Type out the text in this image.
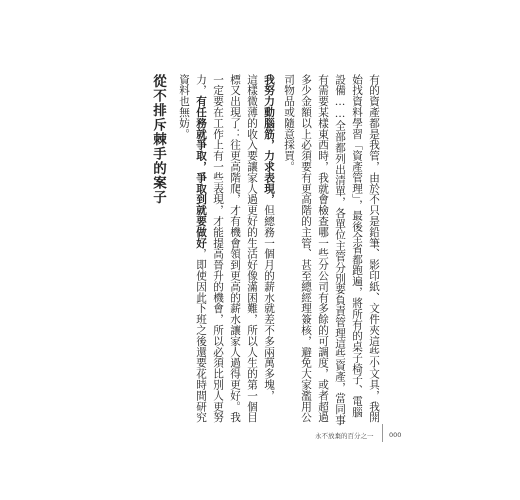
有的資產都是我管，由於不只是鉛筆、影印紙、文件夾這些小文具，我開
始找資料學習「資產管理」，最後全省都跑遍，將所有的桌子椅子、電腦
設備……全部都列出清單，各單位主管分別要負責管理這些資產，當同事
有需要某樣東西時，我就會檢查哪一些分公司有多餘的可調度，或者超過
多少金額以上必須要有更高階的主管、甚至總經理簽核，避免大家濫用公
司物品或隨意採買。
我努力動腦筋，力求表現，但總務一個月的薪水就差不多兩萬多塊，
這樣微薄的收入要讓家人過更好的生活好像滿困難，所以人生的第一個目
標又出現了：往更高階爬，才有機會領到更高的薪水讓家人過得更好。我
一定要在工作上有一些表現，才能提高晉升的機會，所以必須比別人更努
力，有任務就爭取，爭取到就要做好，即使因此下班之後還要花時間研究
資料也無妨。
從不排斥棘手的案子
永不放棄的百分之一 000
